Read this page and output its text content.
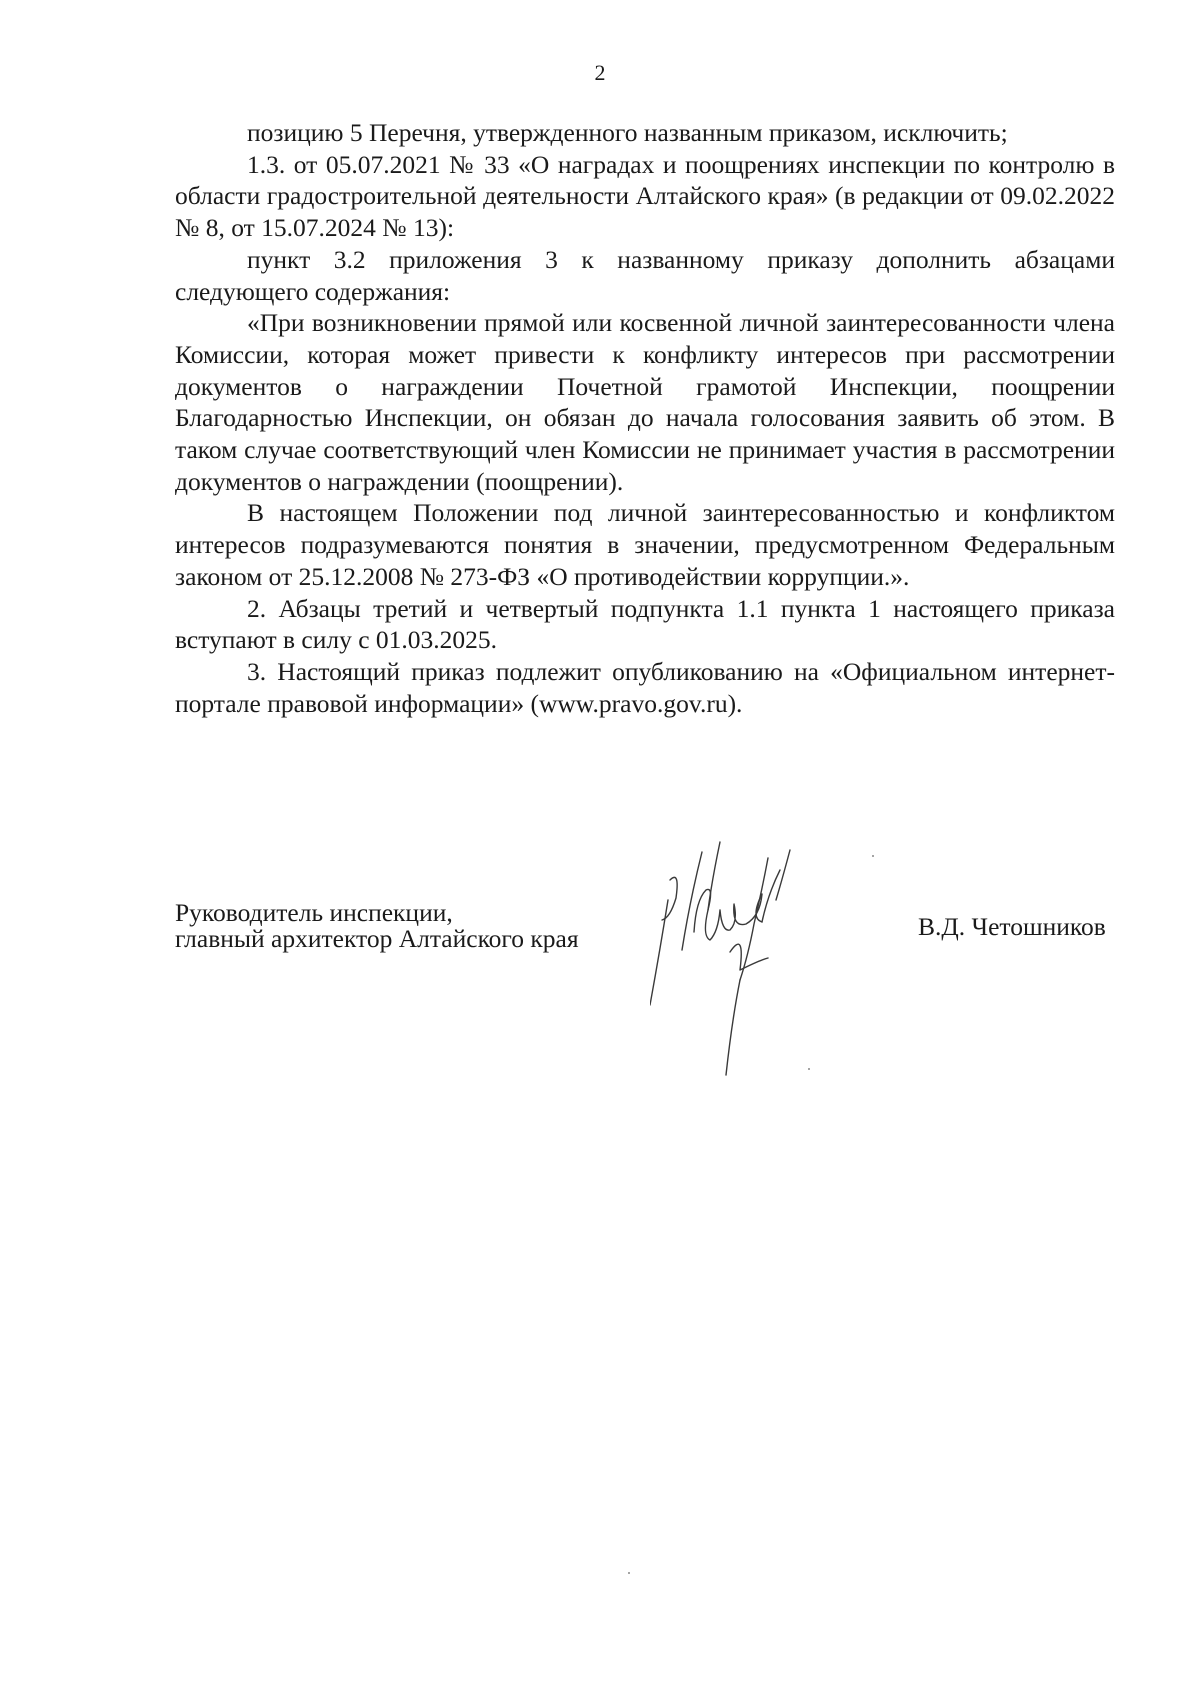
2

позицию 5 Перечня, утвержденного названным приказом, исключить;

1.3. от 05.07.2021 № 33 «О наградах и поощрениях инспекции по контролю в области градостроительной деятельности Алтайского края» (в редакции от 09.02.2022 № 8, от 15.07.2024 № 13):

пункт 3.2 приложения 3 к названному приказу дополнить абзацами следующего содержания:

«При возникновении прямой или косвенной личной заинтересованности члена Комиссии, которая может привести к конфликту интересов при рассмотрении документов о награждении Почетной грамотой Инспекции, поощрении Благодарностью Инспекции, он обязан до начала голосования заявить об этом. В таком случае соответствующий член Комиссии не принимает участия в рассмотрении документов о награждении (поощрении).

В настоящем Положении под личной заинтересованностью и конфликтом интересов подразумеваются понятия в значении, предусмотренном Федеральным законом от 25.12.2008 № 273-ФЗ «О противодействии коррупции.».

2. Абзацы третий и четвертый подпункта 1.1 пункта 1 настоящего приказа вступают в силу с 01.03.2025.

3. Настоящий приказ подлежит опубликованию на «Официальном интернет-портале правовой информации» (www.pravo.gov.ru).

Руководитель инспекции,
главный архитектор Алтайского края	В.Д. Четошников
